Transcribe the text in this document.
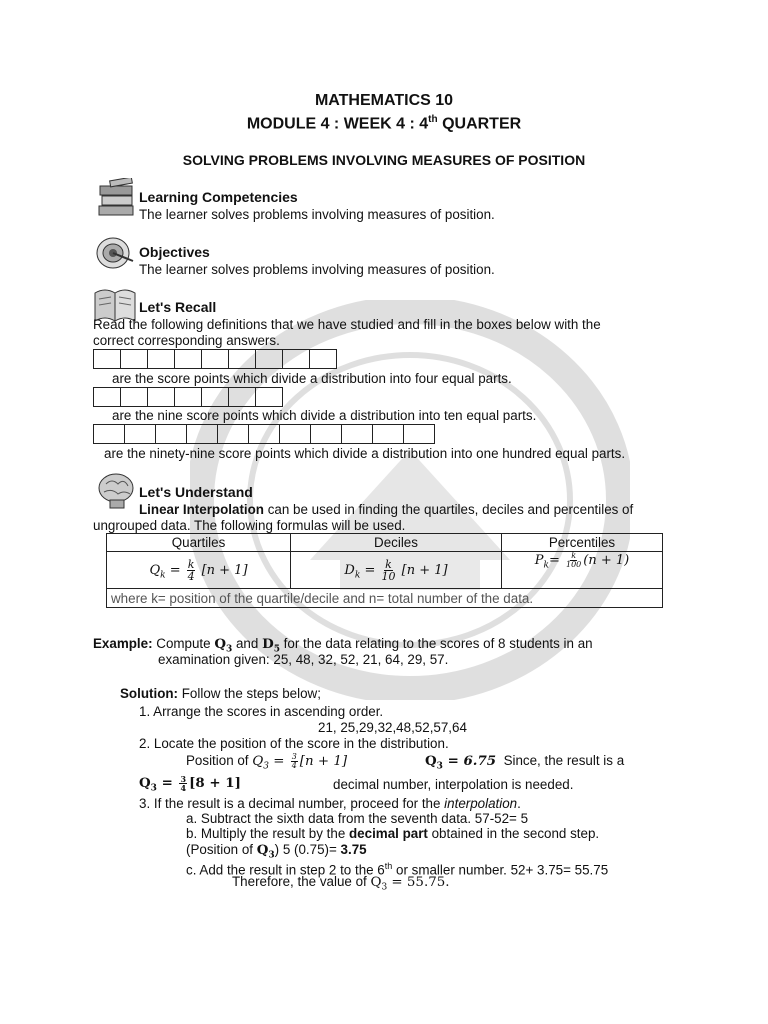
MATHEMATICS 10
MODULE 4 : WEEK 4 : 4th QUARTER
SOLVING PROBLEMS INVOLVING MEASURES OF POSITION
Learning Competencies
The learner solves problems involving measures of position.
Objectives
The learner solves problems involving measures of position.
Let's Recall
Read the following definitions that we have studied and fill in the boxes below with the
correct corresponding answers.
are the score points which divide a distribution into four equal parts.
are the nine score points which divide a distribution into ten equal parts.
are the ninety-nine score points which divide a distribution into one hundred equal parts.
Let's Understand
Linear Interpolation can be used in finding the quartiles, deciles and percentiles of
ungrouped data. The following formulas will be used.
Quartiles	Deciles	Percentiles
$Q_k = \frac{k}{4} [n + 1]$	$D_k = \frac{k}{10} [n + 1]$	$P_k= \frac{k}{100} (n + 1)$
where k= position of the quartile/decile and n= total number of the data.		
Example: Compute $Q_3$ and $D_5$ for the data relating to the scores of 8 students in an
examination given: 25, 48, 32, 52, 21, 64, 29, 57.
Solution: Follow the steps below;
1. Arrange the scores in ascending order.
21, 25,29,32,48,52,57,64
2. Locate the position of the score in the distribution.
Position of $Q_3 = \frac{3}{4} [n + 1]$	$Q_3 = 6.75$ Since, the result is a
$Q_3 = \frac{3}{4} [8 + 1]$	decimal number, interpolation is needed.
3. If the result is a decimal number, proceed for the interpolation.
a. Subtract the sixth data from the seventh data. 57-52= 5
b. Multiply the result by the decimal part obtained in the second step.
(Position of $Q_3$) 5 (0.75)= 3.75
c. Add the result in step 2 to the 6th or smaller number. 52+ 3.75= 55.75
Therefore, the value of $Q_3 = 55.75$.
